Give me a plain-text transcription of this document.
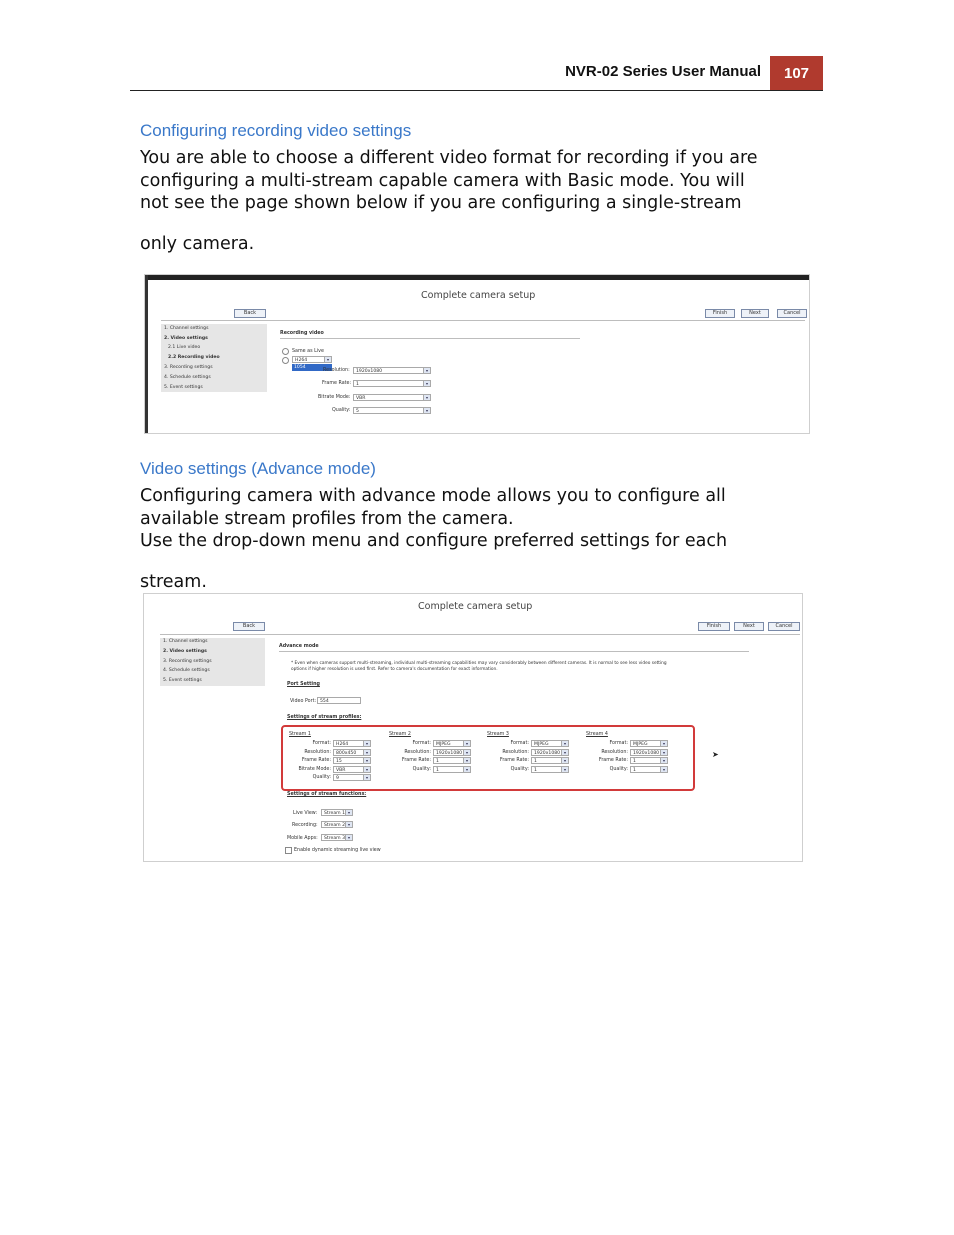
NVR-02 Series User Manual	107
Configuring recording video settings
You are able to choose a different video format for recording if you are
configuring a multi-stream capable camera with Basic mode. You will
not see the page shown below if you are configuring a single-stream
only camera.
Complete camera setup
Back	Finish	Next	Cancel
1. Channel settings
2. Video settings
2.1 Live video
2.2 Recording video
3. Recording settings
4. Schedule settings
5. Event settings
Recording video
Same as Live
H264	▾
1054
Resolution:	1920x1080	▾
Frame Rate:	1	▾
Bitrate Mode:	VBR	▾
Quality:	5	▾
Video settings (Advance mode)
Configuring camera with advance mode allows you to configure all
available stream profiles from the camera.
Use the drop-down menu and configure preferred settings for each
stream.
Complete camera setup
Back	Finish	Next	Cancel
1. Channel settings
2. Video settings
3. Recording settings
4. Schedule settings
5. Event settings
Advance mode
* Even when cameras support multi-streaming, individual multi-streaming capabilities may vary considerably between different cameras. It is normal to see less video setting
options if higher resolution is used first. Refer to camera's documentation for exact information.
Port Setting
Video Port: 554
Settings of stream profiles:
Stream 1
Format:	H264	▾
Resolution:	800x450	▾
Frame Rate:	15	▾
Bitrate Mode:	VBR	▾
Quality:	9	▾
Stream 2
Format:	MJPEG	▾
Resolution:	1920x1080 ▾
Frame Rate:	1	▾
Quality:	1	▾
Stream 3
Format:	MJPEG	▾
Resolution:	1920x1080 ▾
Frame Rate:	1	▾
Quality:	1	▾
Stream 4
Format:	MJPEG	▾
Resolution:	1920x1080 ▾
Frame Rate:	1	▾
Quality:	1	▾
Settings of stream functions:
Live View:	Stream 1 ▾
Recording:	Stream 2 ▾
Mobile Apps:	Stream 3 ▾
Enable dynamic streaming live view
➤
